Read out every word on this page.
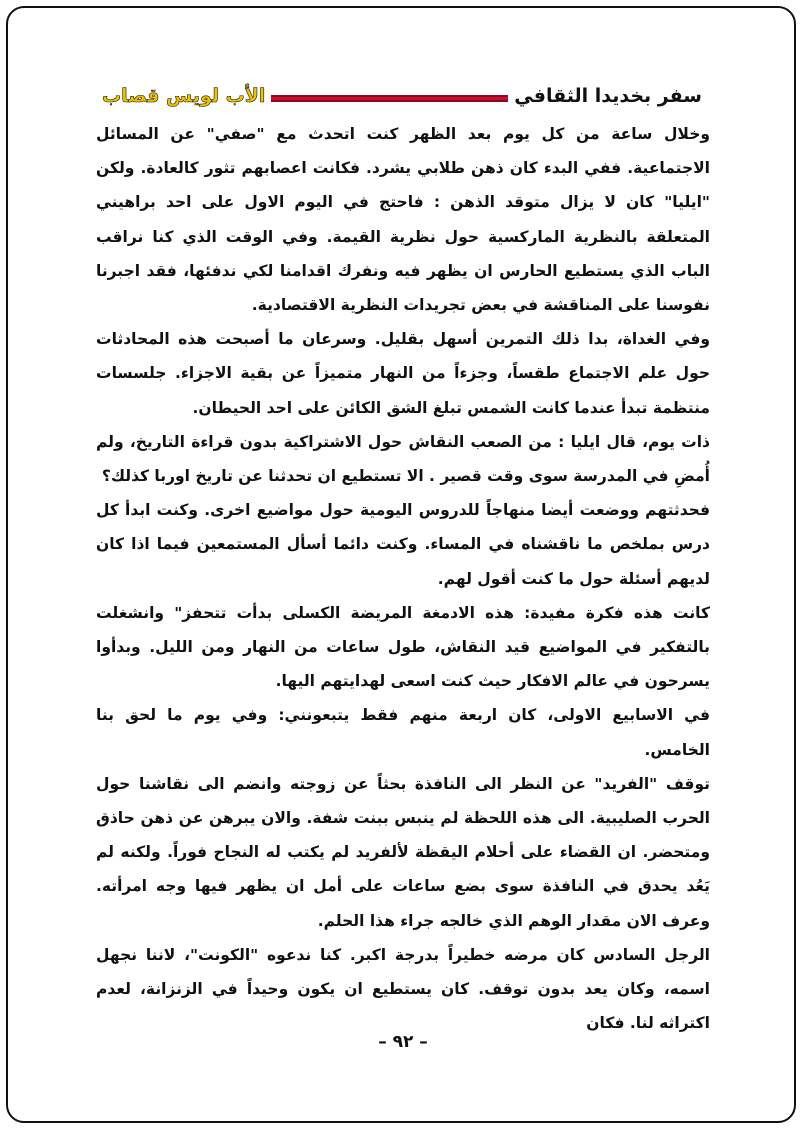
سفر بخديدا الثقافي
الأب لويس قصاب

وخلال ساعة من كل يوم بعد الظهر كنت اتحدث مع "صفي" عن المسائل الاجتماعية. ففي البدء كان ذهن طلابي يشرد. فكانت اعصابهم تثور كالعادة. ولكن "ايليا" كان لا يزال متوقد الذهن : فاحتج في اليوم الاول على احد براهيني المتعلقة بالنظرية الماركسية حول نظرية القيمة. وفي الوقت الذي كنا نراقب الباب الذي يستطيع الحارس ان يظهر فيه ونفرك اقدامنا لكي ندفئها، فقد اجبرنا نفوسنا على المناقشة في بعض تجريدات النظرية الاقتصادية.

وفي الغداة، بدا ذلك التمرين أسهل بقليل. وسرعان ما أصبحت هذه المحادثات حول علم الاجتماع طقساً، وجزءاً من النهار متميزاً عن بقية الاجزاء. جلسسات منتظمة تبدأ عندما كانت الشمس تبلغ الشق الكائن على احد الحيطان.

ذات يوم، قال ايليا : من الصعب النقاش حول الاشتراكية بدون قراءة التاريخ، ولم أُمضِ في المدرسة سوى وقت قصير . الا تستطيع ان تحدثنا عن تاريخ اوربا كذلك؟

فحدثتهم ووضعت أيضا منهاجاً للدروس اليومية حول مواضيع اخرى. وكنت ابدأ كل درس بملخص ما ناقشناه في المساء. وكنت دائما أسأل المستمعين فيما اذا كان لديهم أسئلة حول ما كنت أقول لهم.

كانت هذه فكرة مفيدة: هذه الادمغة المريضة الكسلى بدأت تتحفز" وانشغلت بالتفكير في المواضيع قيد النقاش، طول ساعات من النهار ومن الليل. وبدأوا يسرحون في عالم الافكار حيث كنت اسعى لهدايتهم اليها.

في الاسابيع الاولى، كان اربعة منهم فقط يتبعونني: وفي يوم ما لحق بنا الخامس.

توقف "الفريد" عن النظر الى النافذة بحثاً عن زوجته وانضم الى نقاشنا حول الحرب الصليبية. الى هذه اللحظة لم ينبس ببنت شفة. والان يبرهن عن ذهن حاذق ومتحضر. ان القضاء على أحلام اليقظة لألفريد لم يكتب له النجاح فوراً. ولكنه لم يَعُد يحدق في النافذة سوى بضع ساعات على أمل ان يظهر فيها وجه امرأته. وعرف الان مقدار الوهم الذي خالجه جراء هذا الحلم.

الرجل السادس كان مرضه خطيراً بدرجة اكبر. كنا ندعوه "الكونت"، لاننا نجهل اسمه، وكان يعد بدون توقف. كان يستطيع ان يكون وحيداً في الزنزانة، لعدم اكتراثه لنا. فكان

– ٩٢ –
